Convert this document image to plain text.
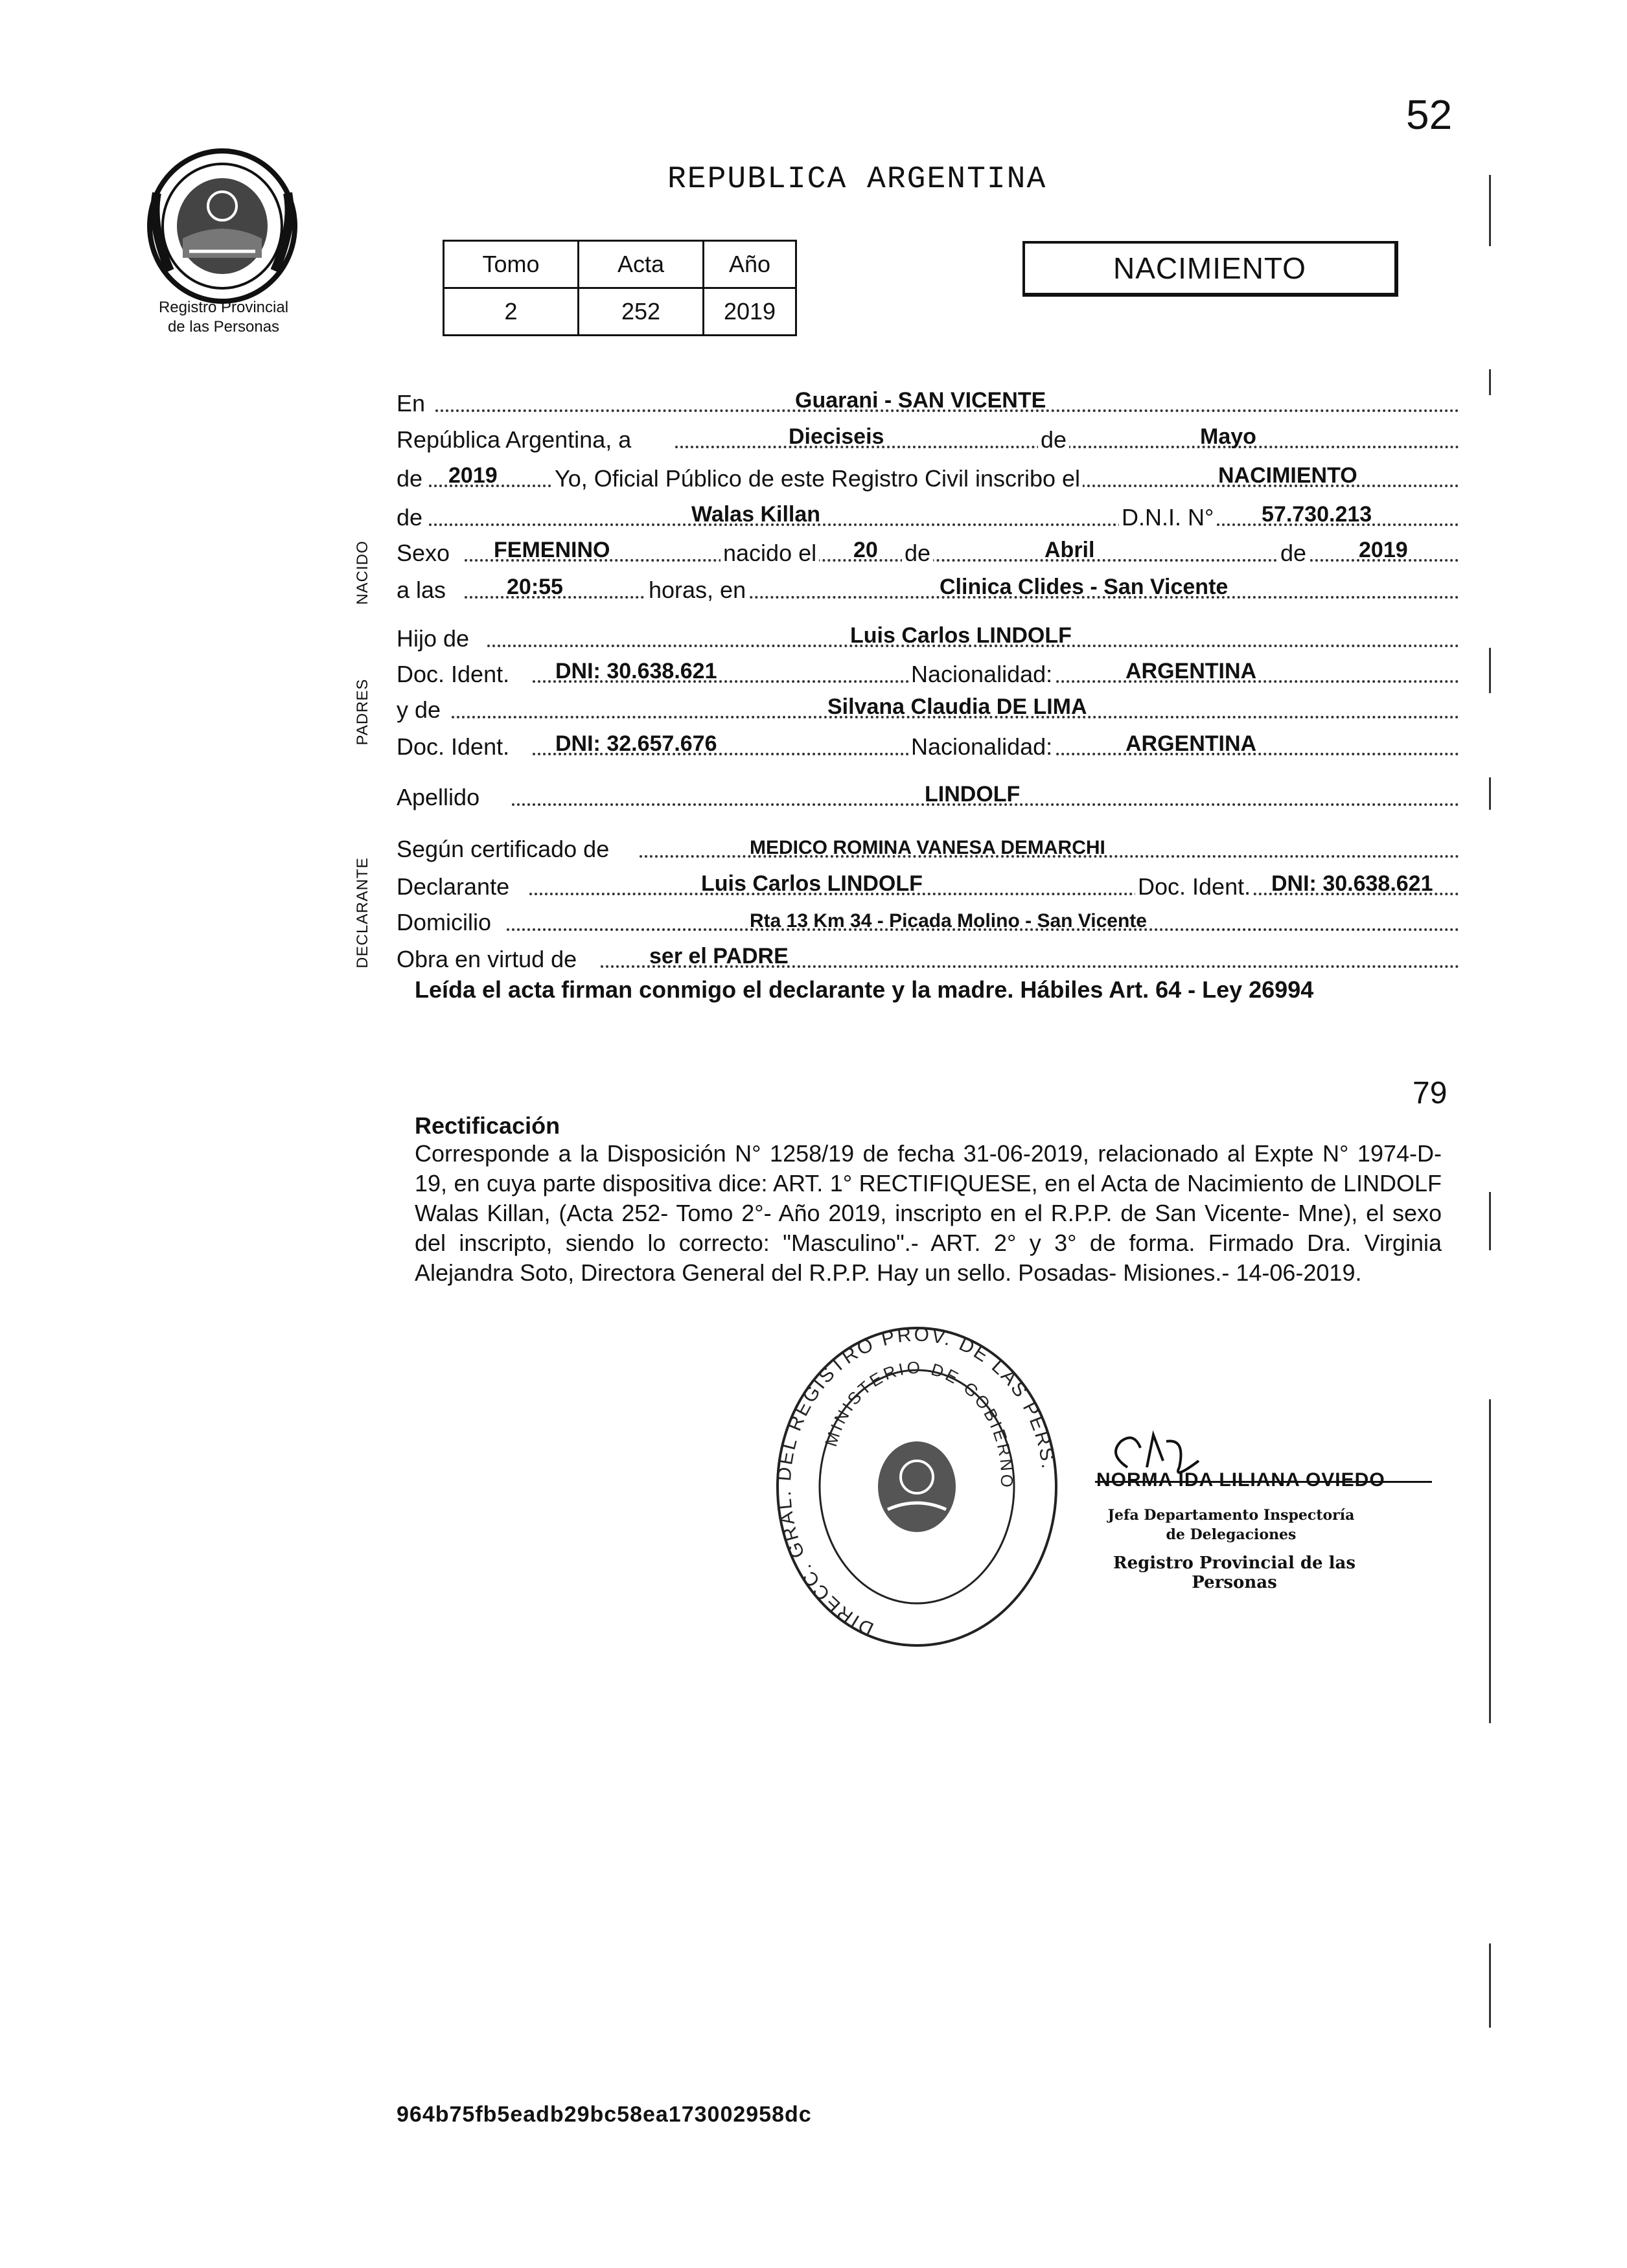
52
Registro Provincial
de las Personas
REPUBLICA ARGENTINA
Tomo	Acta	Año
2	252	2019
NACIMIENTO
NACIDO
PADRES
DECLARANTE
En	Guarani - SAN VICENTE
República Argentina, a	Dieciseis	de	Mayo
de 2019 Yo, Oficial Público de este Registro Civil inscribo el	NACIMIENTO
de	Walas Killan	D.N.I. N° 57.730.213
Sexo FEMENINO	nacido el 20 de	Abril	de 2019
a las	20:55	horas, en	Clinica Clides - San Vicente
Hijo de	Luis Carlos LINDOLF
Doc. Ident. DNI: 30.638.621	Nacionalidad:	ARGENTINA
y de	Silvana Claudia DE LIMA
Doc. Ident. DNI: 32.657.676	Nacionalidad:	ARGENTINA
Apellido	LINDOLF
Según certificado de	MEDICO ROMINA VANESA DEMARCHI
Declarante	Luis Carlos LINDOLF	Doc. Ident. DNI: 30.638.621
Domicilio	Rta 13 Km 34 - Picada Molino - San Vicente
Obra en virtud de	ser el PADRE
Leída el acta firman conmigo el declarante y la madre. Hábiles Art. 64 - Ley 26994
79
Rectificación
Corresponde a la Disposición N° 1258/19 de fecha 31-06-2019, relacionado al Expte N° 1974-D-19, en cuya parte dispositiva dice: ART. 1° RECTIFIQUESE, en el Acta de Nacimiento de LINDOLF Walas Killan, (Acta 252- Tomo 2°- Año 2019, inscripto en el R.P.P. de San Vicente- Mne), el sexo del inscripto, siendo lo correcto: "Masculino".- ART. 2° y 3° de forma. Firmado Dra. Virginia Alejandra Soto, Directora General del R.P.P. Hay un sello. Posadas- Misiones.- 14-06-2019.
DIRECC. GRAL. DEL REGISTRO PROV. DE LAS PERS.
MINISTERIO DE GOBIERNO	NORMA IDA LILIANA OVIEDO
Jefa Departamento Inspectoría
de Delegaciones
Registro Provincial de las Personas
964b75fb5eadb29bc58ea173002958dc
